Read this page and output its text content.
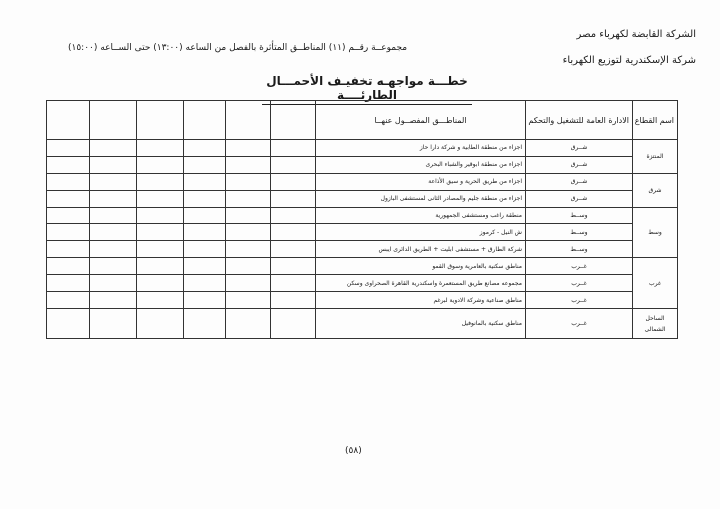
الشركة القابضة لكهرباء مصر
شركة الإسكندرية لتوزيع الكهرباء
مجموعــة رقــم (١١) المناطــق المتأثرة بالفصل من الساعه (١٣:٠٠) حتى الســاعه (١٥:٠٠)
خطـــة مواجهـه تخفيـف الأحمـــال الطارئــــة
اسم القطاع	الادارة العامة للتشغيل والتحكم	المناطـــق المفصــول عنهــا						
المنتزة	شــرق	اجزاء من منطقة الطابية و شركة دارا حاز						
	شــرق	اجزاء من منطقة ابوقير والشباء البحرى						
شرق	شــرق	اجزاء من طريق الحرية و سيق الأذاعة						
	شــرق	اجزاء من منطقة جليم والمصادر الثانى لمستشفى البازول						
وسط	وســط	منطقة راغب ومستشفى الجمهورية						
	وســط	ش النيل - كرموز						
	وســط	شركة الطارق + مستشفى ابليت + الطريق الدائرى ايبس						
غرب	غــرب	مناطق سكنية بالعامرية وسوق القمو						
	غــرب	مجموعه مصانع طريق المستعمرة واسكندرية القاهرة الصحراوى وسكن						
	غــرب	مناطق صناعية وشركة الادوية لبرغم						
الساحل الشمالى	غــرب	مناطق سكنية بالمانوفيل						
(٥٨)
